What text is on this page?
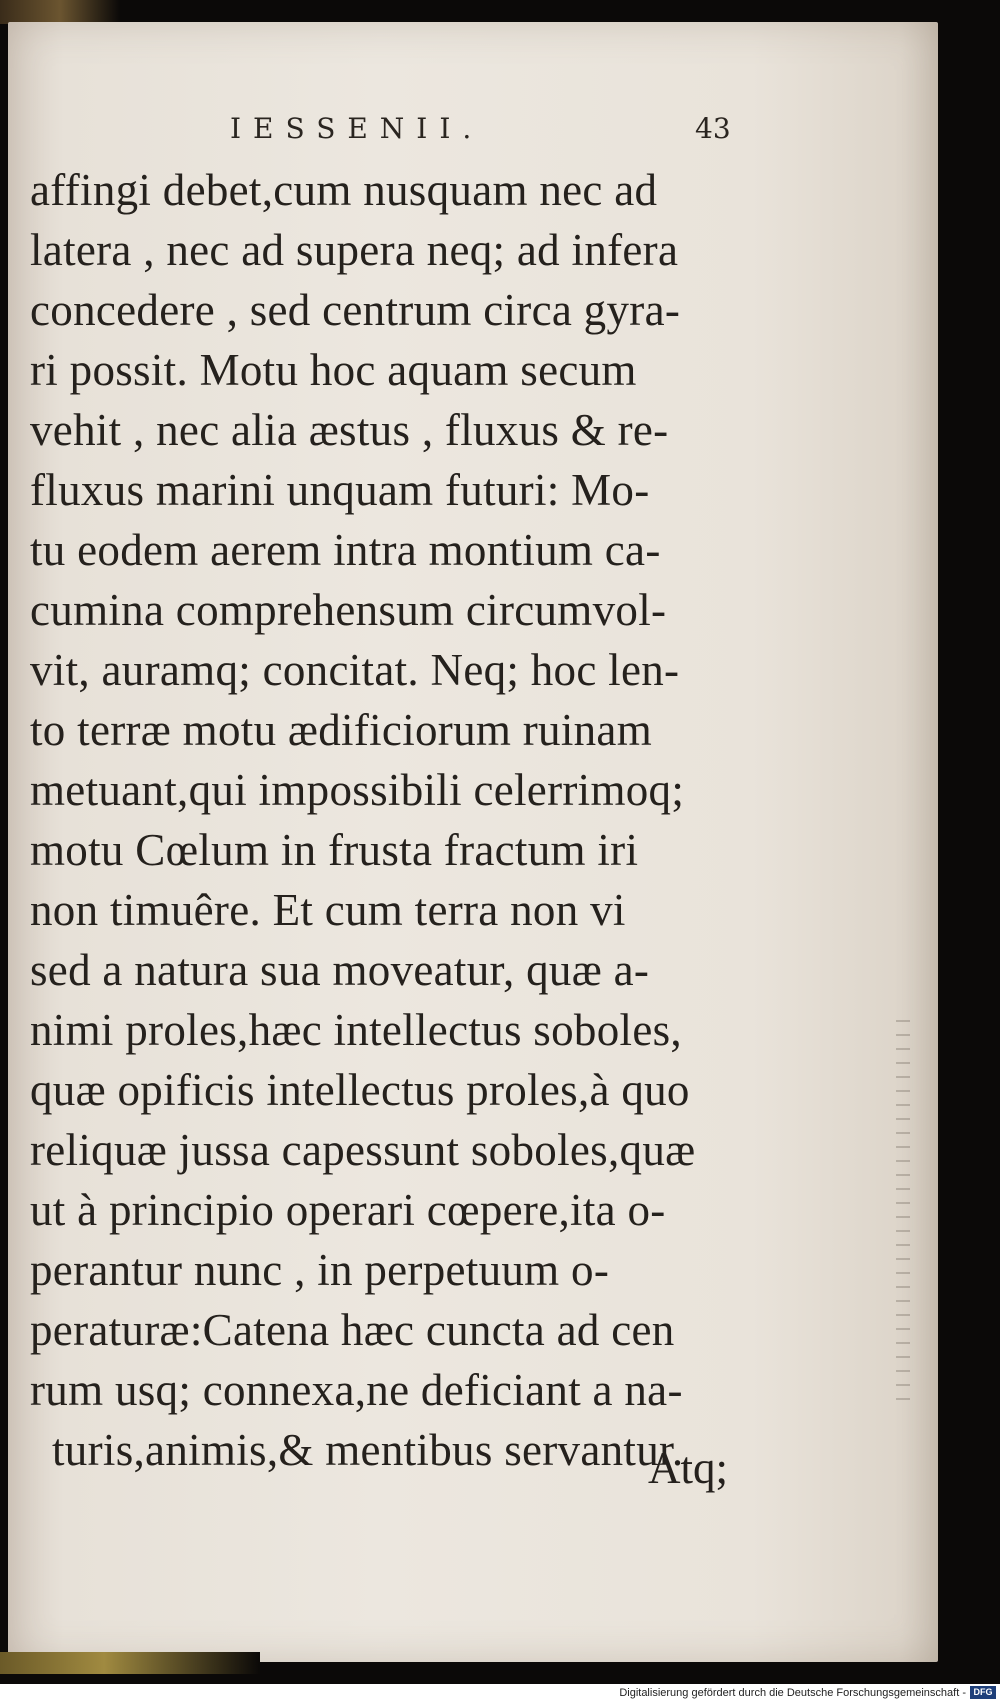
IESSENII.	43
affingi debet,cum nusquam nec ad
latera , nec ad supera neq; ad infera
concedere , sed centrum circa gyra-
ri possit. Motu hoc aquam secum
vehit , nec alia æstus , fluxus & re-
fluxus marini unquam futuri: Mo-
tu eodem aerem intra montium ca-
cumina comprehensum circumvol-
vit, auramq; concitat. Neq; hoc len-
to terræ motu ædificiorum ruinam
metuant,qui impossibili celerrimoq;
motu Cœlum in frusta fractum iri
non timuêre. Et cum terra non vi
sed a natura sua moveatur, quæ a-
nimi proles,hæc intellectus soboles,
quæ opificis intellectus proles,à quo
reliquæ jussa capessunt soboles,quæ
ut à principio operari cœpere,ita o-
perantur nunc , in perpetuum o-
peraturæ:Catena hæc cuncta ad cen
rum usq; connexa,ne deficiant a na-
turis,animis,& mentibus servantur.
Atq;
Digitalisierung gefördert durch die Deutsche Forschungsgemeinschaft - DFG
